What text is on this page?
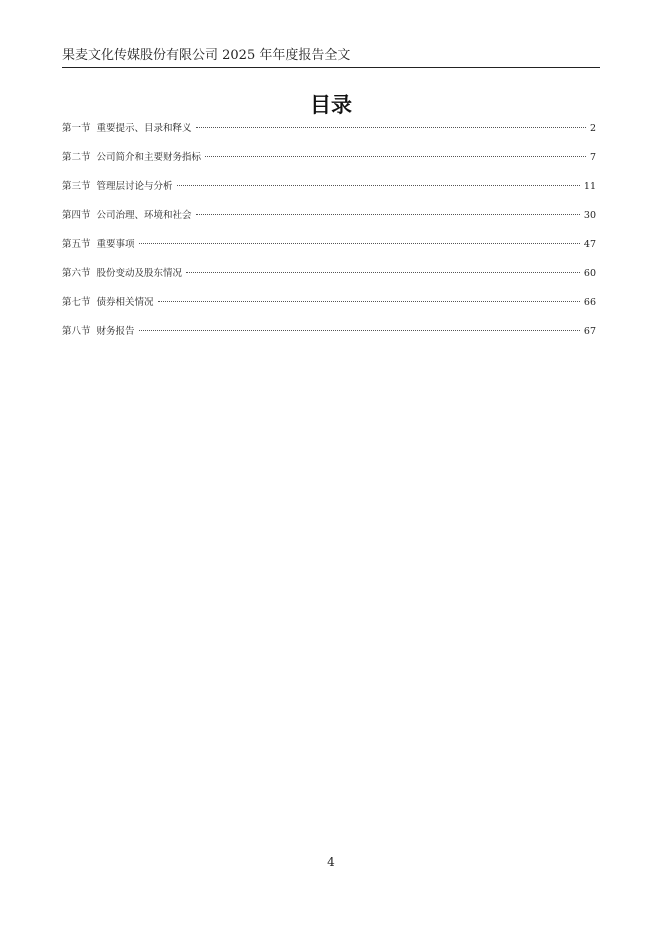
果麦文化传媒股份有限公司 2025 年年度报告全文
目录
第一节 重要提示、目录和释义	2
第二节 公司简介和主要财务指标	7
第三节 管理层讨论与分析	11
第四节 公司治理、环境和社会	30
第五节 重要事项	47
第六节 股份变动及股东情况	60
第七节 债券相关情况	66
第八节 财务报告	67
4
